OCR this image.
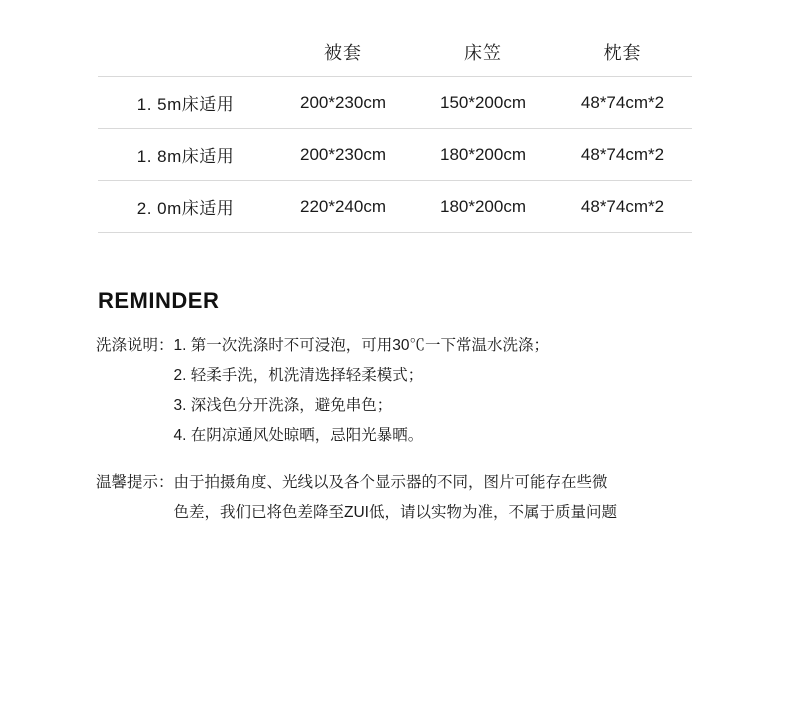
	被套	床笠	枕套
1. 5m床适用	200*230cm	150*200cm	48*74cm*2
1. 8m床适用	200*230cm	180*200cm	48*74cm*2
2. 0m床适用	220*240cm	180*200cm	48*74cm*2
REMINDER
洗涤说明： 1. 第一次洗涤时不可浸泡，可用30℃一下常温水洗涤；
2. 轻柔手洗，机洗清选择轻柔模式；
3. 深浅色分开洗涤，避免串色；
4. 在阴凉通风处晾晒，忌阳光暴晒。
温馨提示： 由于拍摄角度、光线以及各个显示器的不同，图片可能存在些微
色差，我们已将色差降至ZUI低，请以实物为准，不属于质量问题
